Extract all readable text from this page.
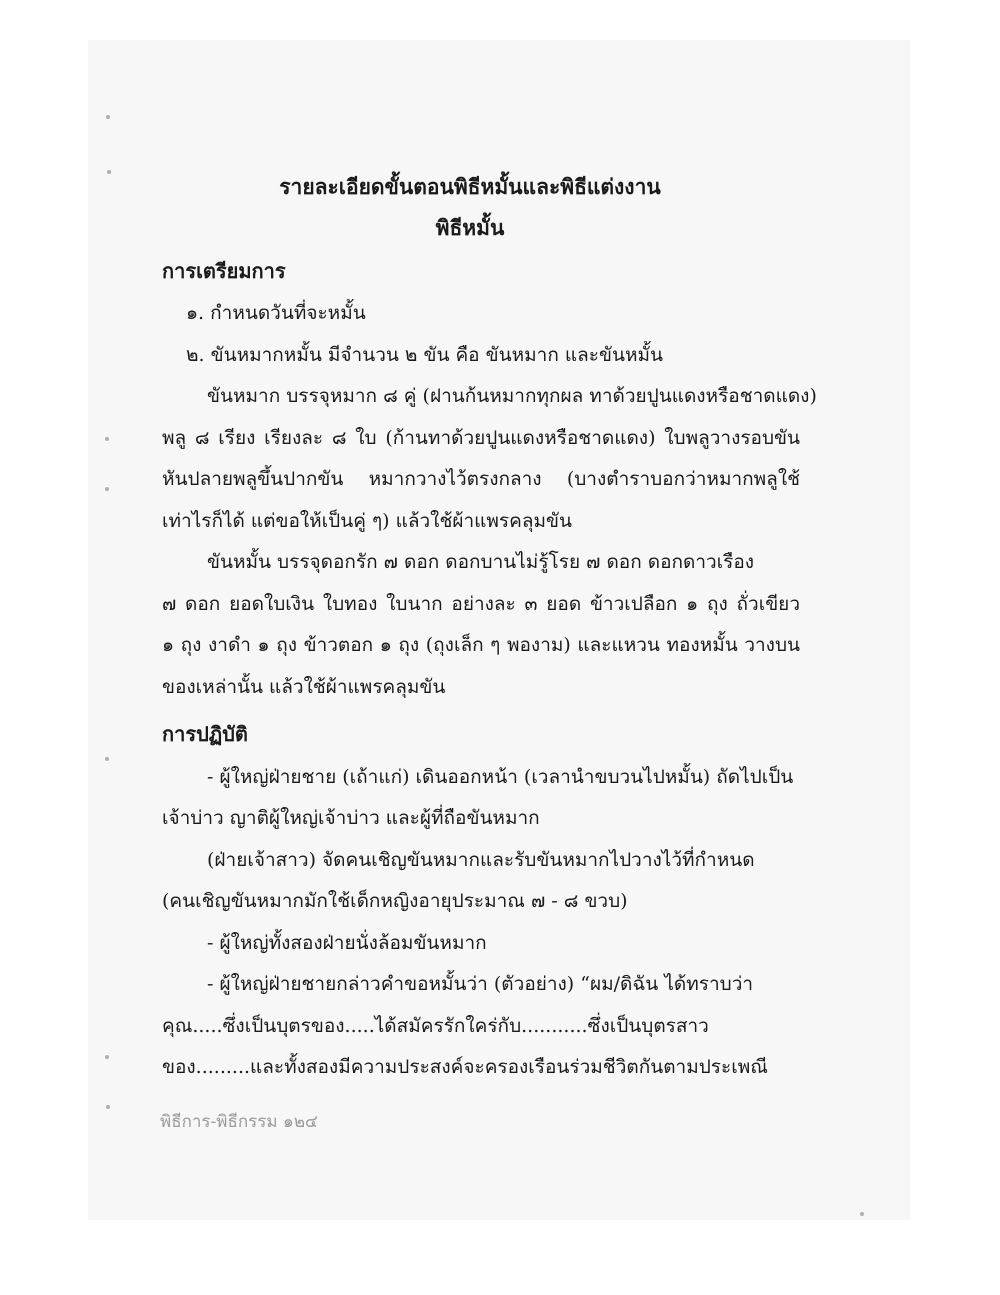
รายละเอียดขั้นตอนพิธีหมั้นและพิธีแต่งงาน
พิธีหมั้น
การเตรียมการ
๑. กำหนดวันที่จะหมั้น
๒. ขันหมากหมั้น มีจำนวน ๒ ขัน คือ ขันหมาก และขันหมั้น
ขันหมาก บรรจุหมาก ๘ คู่ (ฝานก้นหมากทุกผล ทาด้วยปูนแดงหรือชาดแดง)
พลู ๘ เรียง เรียงละ ๘ ใบ (ก้านทาด้วยปูนแดงหรือชาดแดง) ใบพลูวางรอบขัน
หันปลายพลูขึ้นปากขัน หมากวางไว้ตรงกลาง (บางตำราบอกว่าหมากพลูใช้
เท่าไรก็ได้ แต่ขอให้เป็นคู่ ๆ) แล้วใช้ผ้าแพรคลุมขัน
ขันหมั้น บรรจุดอกรัก ๗ ดอก ดอกบานไม่รู้โรย ๗ ดอก ดอกดาวเรือง
๗ ดอก ยอดใบเงิน ใบทอง ใบนาก อย่างละ ๓ ยอด ข้าวเปลือก ๑ ถุง ถั่วเขียว
๑ ถุง งาดำ ๑ ถุง ข้าวตอก ๑ ถุง (ถุงเล็ก ๆ พองาม) และแหวน ทองหมั้น วางบน
ของเหล่านั้น แล้วใช้ผ้าแพรคลุมขัน
การปฏิบัติ
- ผู้ใหญ่ฝ่ายชาย (เถ้าแก่) เดินออกหน้า (เวลานำขบวนไปหมั้น) ถัดไปเป็น
เจ้าบ่าว ญาติผู้ใหญ่เจ้าบ่าว และผู้ที่ถือขันหมาก
(ฝ่ายเจ้าสาว) จัดคนเชิญขันหมากและรับขันหมากไปวางไว้ที่กำหนด
(คนเชิญขันหมากมักใช้เด็กหญิงอายุประมาณ ๗ - ๘ ขวบ)
- ผู้ใหญ่ทั้งสองฝ่ายนั่งล้อมขันหมาก
- ผู้ใหญ่ฝ่ายชายกล่าวคำขอหมั้นว่า (ตัวอย่าง) “ผม/ดิฉัน ได้ทราบว่า
คุณ.....ซึ่งเป็นบุตรของ.....ได้สมัครรักใคร่กับ...........ซึ่งเป็นบุตรสาว
ของ.........และทั้งสองมีความประสงค์จะครองเรือนร่วมชีวิตกันตามประเพณี
พิธีการ-พิธีกรรม ๑๒๔
